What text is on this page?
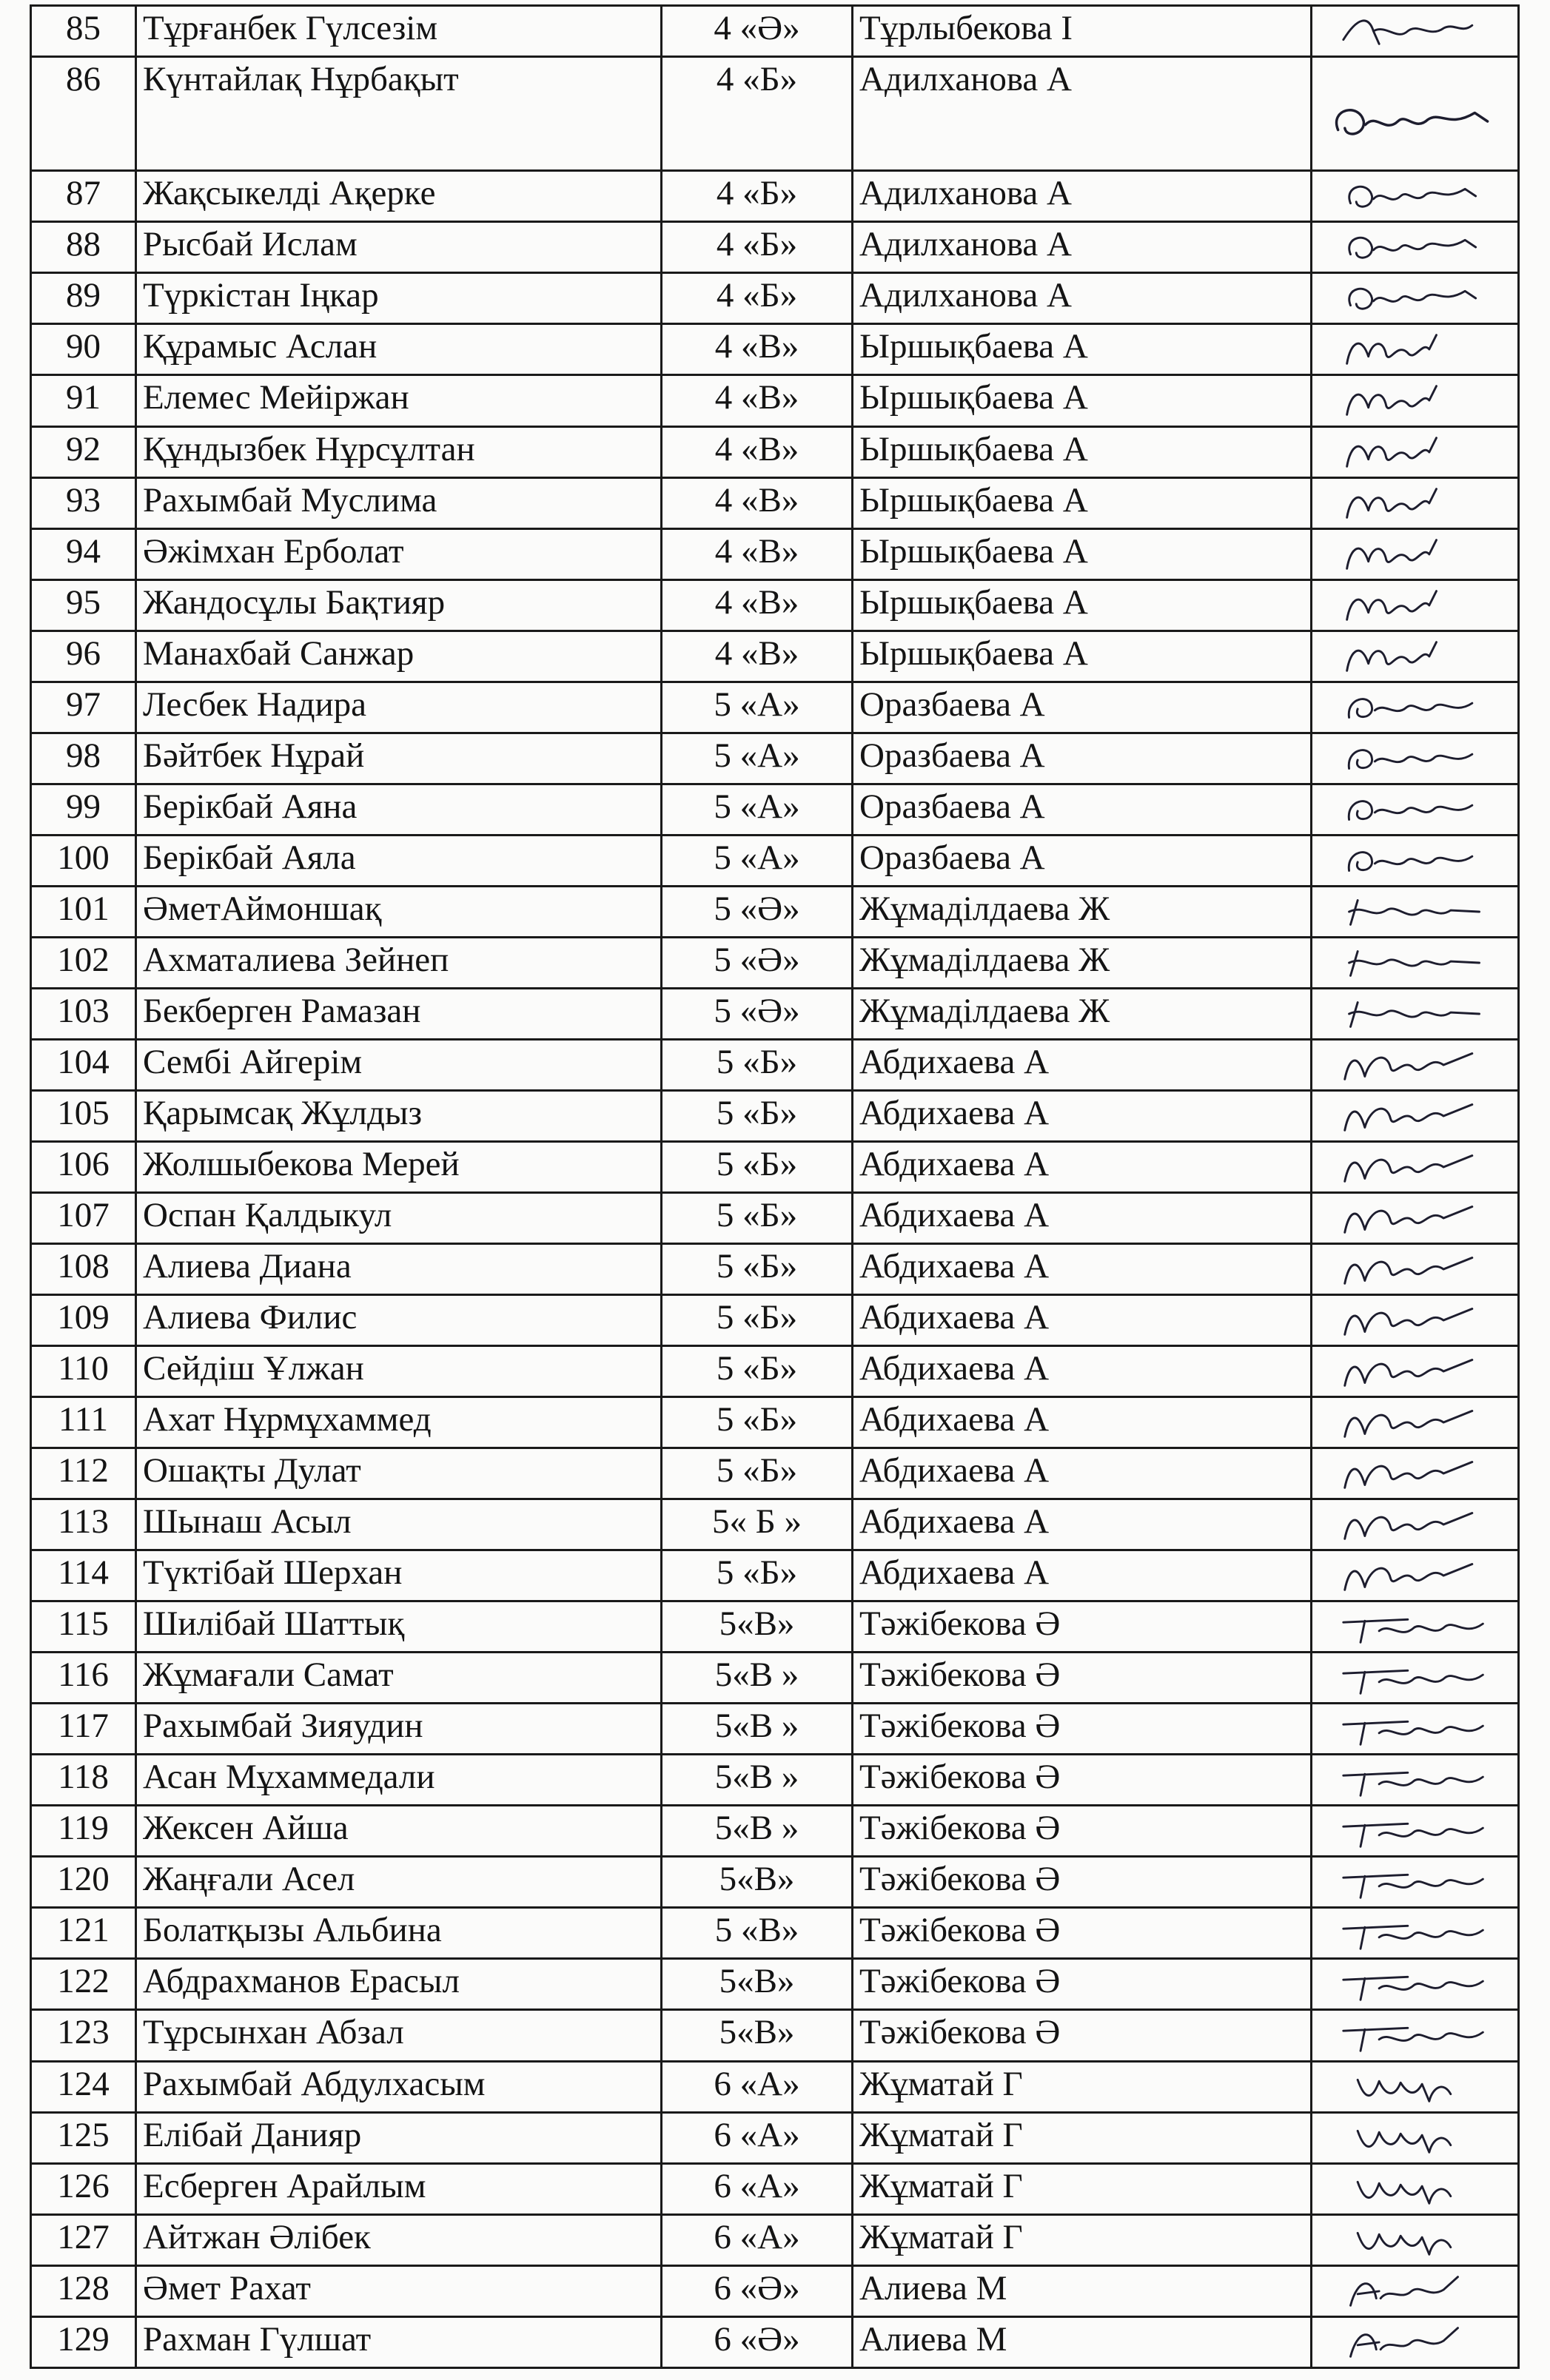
85	Тұрғанбек Гүлсезім	4 «Ә»	Тұрлыбекова І	

86	Күнтайлақ Нұрбақыт	4 «Б»	Адилханова А	

87	Жақсыкелді Ақерке	4 «Б»	Адилханова А	

88	Рысбай Ислам	4 «Б»	Адилханова А	

89	Түркістан Іңкар	4 «Б»	Адилханова А	

90	Құрамыс Аслан	4 «В»	Ыршықбаева А	

91	Елемес Мейіржан	4 «В»	Ыршықбаева А	

92	Құндызбек Нұрсұлтан	4 «В»	Ыршықбаева А	

93	Рахымбай Муслима	4 «В»	Ыршықбаева А	

94	Әжімхан Ерболат	4 «В»	Ыршықбаева А	

95	Жандосұлы Бақтияр	4 «В»	Ыршықбаева А	

96	Манахбай Санжар	4 «В»	Ыршықбаева А	

97	Лесбек Надира	5 «А»	Оразбаева А	

98	Бәйтбек Нұрай	5 «А»	Оразбаева А	

99	Берікбай Аяна	5 «А»	Оразбаева А	

100	Берікбай Аяла	5 «А»	Оразбаева А	

101	ӘметАймоншақ	5 «Ә»	Жұмаділдаева Ж	

102	Ахматалиева Зейнеп	5 «Ә»	Жұмаділдаева Ж	

103	Бекберген Рамазан	5 «Ә»	Жұмаділдаева Ж	

104	Сембі Айгерім	5 «Б»	Абдихаева А	

105	Қарымсақ Жұлдыз	5 «Б»	Абдихаева А	

106	Жолшыбекова Мерей	5 «Б»	Абдихаева А	

107	Оспан Қалдыкул	5 «Б»	Абдихаева А	

108	Алиева Диана	5 «Б»	Абдихаева А	

109	Алиева Филис	5 «Б»	Абдихаева А	

110	Сейдіш Ұлжан	5 «Б»	Абдихаева А	

111	Ахат Нұрмұхаммед	5 «Б»	Абдихаева А	

112	Ошақты Дулат	5 «Б»	Абдихаева А	

113	Шынаш Асыл	5« Б »	Абдихаева А	

114	Түктібай Шерхан	5 «Б»	Абдихаева А	

115	Шилібай Шаттық	5«В»	Тәжібекова Ә	

116	Жұмағали Самат	5«В »	Тәжібекова Ә	

117	Рахымбай Зияудин	5«В »	Тәжібекова Ә	

118	Асан Мұхаммедали	5«В »	Тәжібекова Ә	

119	Жексен Айша	5«В »	Тәжібекова Ә	

120	Жаңғали Асел	5«В»	Тәжібекова Ә	

121	Болатқызы Альбина	5 «В»	Тәжібекова Ә	

122	Абдрахманов Ерасыл	5«В»	Тәжібекова Ә	

123	Тұрсынхан Абзал	5«В»	Тәжібекова Ә	

124	Рахымбай Абдулхасым	6 «А»	Жұматай Г	

125	Елібай Данияр	6 «А»	Жұматай Г	

126	Есберген Арайлым	6 «А»	Жұматай Г	

127	Айтжан Әлібек	6 «А»	Жұматай Г	

128	Әмет Рахат	6 «Ә»	Алиева М	

129	Рахман Гүлшат	6 «Ә»	Алиева М	
